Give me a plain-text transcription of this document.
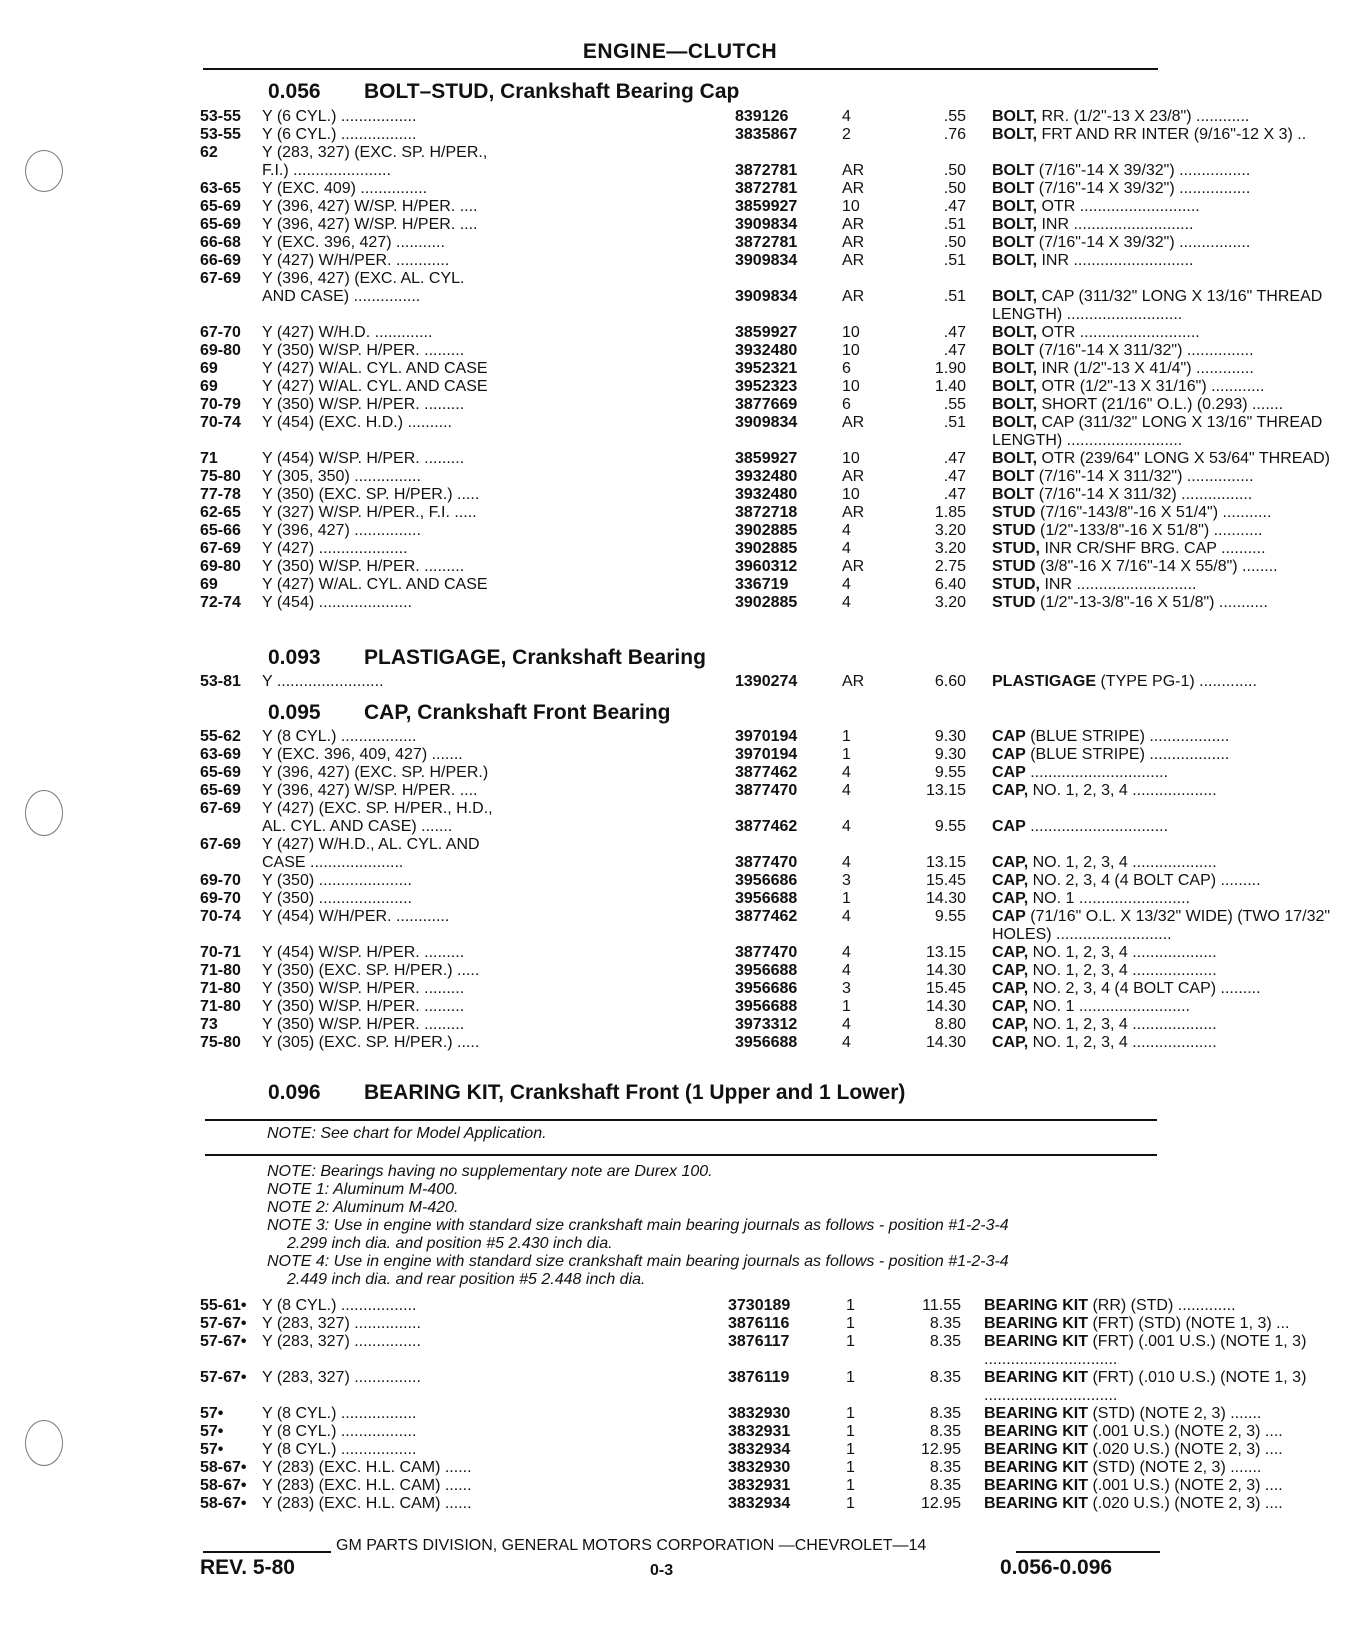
ENGINE—CLUTCH
0.056 BOLT–STUD, Crankshaft Bearing Cap
53-55	Y (6 CYL.) .................	839126	4	.55 BOLT, RR. (1/2"-13 X 23/8") ............
53-55	Y (6 CYL.) .................	3835867	2	.76 BOLT, FRT AND RR INTER (9/16"-12 X 3) ..
62	Y (283, 327) (EXC. SP. H/PER.,
F.I.) ......................	3872781	AR	.50 BOLT (7/16"-14 X 39/32") ................
63-65	Y (EXC. 409) ...............	3872781	AR	.50 BOLT (7/16"-14 X 39/32") ................
65-69	Y (396, 427) W/SP. H/PER. ....	3859927	10	.47 BOLT, OTR ...........................
65-69	Y (396, 427) W/SP. H/PER. ....	3909834	AR	.51 BOLT, INR ...........................
66-68	Y (EXC. 396, 427) ...........	3872781	AR	.50 BOLT (7/16"-14 X 39/32") ................
66-69	Y (427) W/H/PER. ............	3909834	AR	.51 BOLT, INR ...........................
67-69	Y (396, 427) (EXC. AL. CYL.
AND CASE) ...............	3909834	AR	.51 BOLT, CAP (311/32" LONG X 13/16" THREAD LENGTH) ..........................
67-70	Y (427) W/H.D. .............	3859927	10	.47 BOLT, OTR ...........................
69-80	Y (350) W/SP. H/PER. .........	3932480	10	.47 BOLT (7/16"-14 X 311/32") ...............
69	Y (427) W/AL. CYL. AND CASE	3952321	6	1.90 BOLT, INR (1/2"-13 X 41/4") .............
69	Y (427) W/AL. CYL. AND CASE	3952323	10	1.40 BOLT, OTR (1/2"-13 X 31/16") ............
70-79	Y (350) W/SP. H/PER. .........	3877669	6	.55 BOLT, SHORT (21/16" O.L.) (0.293) .......
70-74	Y (454) (EXC. H.D.) ..........	3909834	AR	.51 BOLT, CAP (311/32" LONG X 13/16" THREAD LENGTH) ..........................
71	Y (454) W/SP. H/PER. .........	3859927	10	.47 BOLT, OTR (239/64" LONG X 53/64" THREAD)
75-80	Y (305, 350) ...............	3932480	AR	.47 BOLT (7/16"-14 X 311/32") ...............
77-78	Y (350) (EXC. SP. H/PER.) .....	3932480	10	.47 BOLT (7/16"-14 X 311/32) ................
62-65	Y (327) W/SP. H/PER., F.I. .....	3872718	AR	1.85 STUD (7/16"-143/8"-16 X 51/4") ...........
65-66	Y (396, 427) ...............	3902885	4	3.20 STUD (1/2"-133/8"-16 X 51/8") ...........
67-69	Y (427) ....................	3902885	4	3.20 STUD, INR CR/SHF BRG. CAP ..........
69-80	Y (350) W/SP. H/PER. .........	3960312	AR	2.75 STUD (3/8"-16 X 7/16"-14 X 55/8") ........
69	Y (427) W/AL. CYL. AND CASE	336719	4	6.40 STUD, INR ...........................
72-74	Y (454) .....................	3902885	4	3.20 STUD (1/2"-13-3/8"-16 X 51/8") ...........
0.093 PLASTIGAGE, Crankshaft Bearing
53-81	Y ........................	1390274	AR	6.60 PLASTIGAGE (TYPE PG-1) .............
0.095 CAP, Crankshaft Front Bearing
55-62	Y (8 CYL.) .................	3970194	1	9.30 CAP (BLUE STRIPE) ..................
63-69	Y (EXC. 396, 409, 427) .......	3970194	1	9.30 CAP (BLUE STRIPE) ..................
65-69	Y (396, 427) (EXC. SP. H/PER.)	3877462	4	9.55 CAP ...............................
65-69	Y (396, 427) W/SP. H/PER. ....	3877470	4	13.15 CAP, NO. 1, 2, 3, 4 ...................
67-69	Y (427) (EXC. SP. H/PER., H.D.,
AL. CYL. AND CASE) .......	3877462	4	9.55 CAP ...............................
67-69	Y (427) W/H.D., AL. CYL. AND
CASE .....................	3877470	4	13.15 CAP, NO. 1, 2, 3, 4 ...................
69-70	Y (350) .....................	3956686	3	15.45 CAP, NO. 2, 3, 4 (4 BOLT CAP) .........
69-70	Y (350) .....................	3956688	1	14.30 CAP, NO. 1 .........................
70-74	Y (454) W/H/PER. ............	3877462	4	9.55 CAP (71/16" O.L. X 13/32" WIDE) (TWO 17/32" HOLES) ..........................
70-71	Y (454) W/SP. H/PER. .........	3877470	4	13.15 CAP, NO. 1, 2, 3, 4 ...................
71-80	Y (350) (EXC. SP. H/PER.) .....	3956688	4	14.30 CAP, NO. 1, 2, 3, 4 ...................
71-80	Y (350) W/SP. H/PER. .........	3956686	3	15.45 CAP, NO. 2, 3, 4 (4 BOLT CAP) .........
71-80	Y (350) W/SP. H/PER. .........	3956688	1	14.30 CAP, NO. 1 .........................
73	Y (350) W/SP. H/PER. .........	3973312	4	8.80 CAP, NO. 1, 2, 3, 4 ...................
75-80	Y (305) (EXC. SP. H/PER.) .....	3956688	4	14.30 CAP, NO. 1, 2, 3, 4 ...................
0.096 BEARING KIT, Crankshaft Front (1 Upper and 1 Lower)
NOTE: See chart for Model Application.
NOTE: Bearings having no supplementary note are Durex 100.
NOTE 1: Aluminum M-400.
NOTE 2: Aluminum M-420.
NOTE 3: Use in engine with standard size crankshaft main bearing journals as follows - position #1-2-3-4
2.299 inch dia. and position #5 2.430 inch dia.
NOTE 4: Use in engine with standard size crankshaft main bearing journals as follows - position #1-2-3-4
2.449 inch dia. and rear position #5 2.448 inch dia.
55-61• Y (8 CYL.) .................	3730189	1	11.55 BEARING KIT (RR) (STD) .............
57-67• Y (283, 327) ...............	3876116	1	8.35 BEARING KIT (FRT) (STD) (NOTE 1, 3) ...
57-67• Y (283, 327) ...............	3876117	1	8.35 BEARING KIT (FRT) (.001 U.S.) (NOTE 1, 3) ..............................
57-67• Y (283, 327) ...............	3876119	1	8.35 BEARING KIT (FRT) (.010 U.S.) (NOTE 1, 3) ..............................
57•	Y (8 CYL.) .................	3832930	1	8.35 BEARING KIT (STD) (NOTE 2, 3) .......
57•	Y (8 CYL.) .................	3832931	1	8.35 BEARING KIT (.001 U.S.) (NOTE 2, 3) ....
57•	Y (8 CYL.) .................	3832934	1	12.95 BEARING KIT (.020 U.S.) (NOTE 2, 3) ....
58-67• Y (283) (EXC. H.L. CAM) ......	3832930	1	8.35 BEARING KIT (STD) (NOTE 2, 3) .......
58-67• Y (283) (EXC. H.L. CAM) ......	3832931	1	8.35 BEARING KIT (.001 U.S.) (NOTE 2, 3) ....
58-67• Y (283) (EXC. H.L. CAM) ......	3832934	1	12.95 BEARING KIT (.020 U.S.) (NOTE 2, 3) ....
GM PARTS DIVISION, GENERAL MOTORS CORPORATION —CHEVROLET—14
REV. 5-80	0-3	0.056-0.096
